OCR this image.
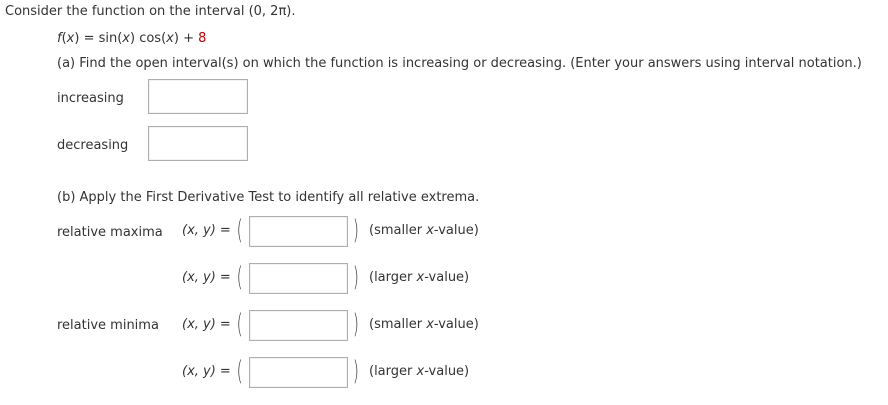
Consider the function on the interval (0, 2π).
f(x) = sin(x) cos(x) + 8
(a) Find the open interval(s) on which the function is increasing or decreasing. (Enter your answers using interval notation.)
increasing
decreasing
(b) Apply the First Derivative Test to identify all relative extrema.
relative maxima (x, y) = (	) (smaller x-value)
(x, y) = (	) (larger x-value)
relative minima (x, y) = (	) (smaller x-value)
(x, y) = (	) (larger x-value)
